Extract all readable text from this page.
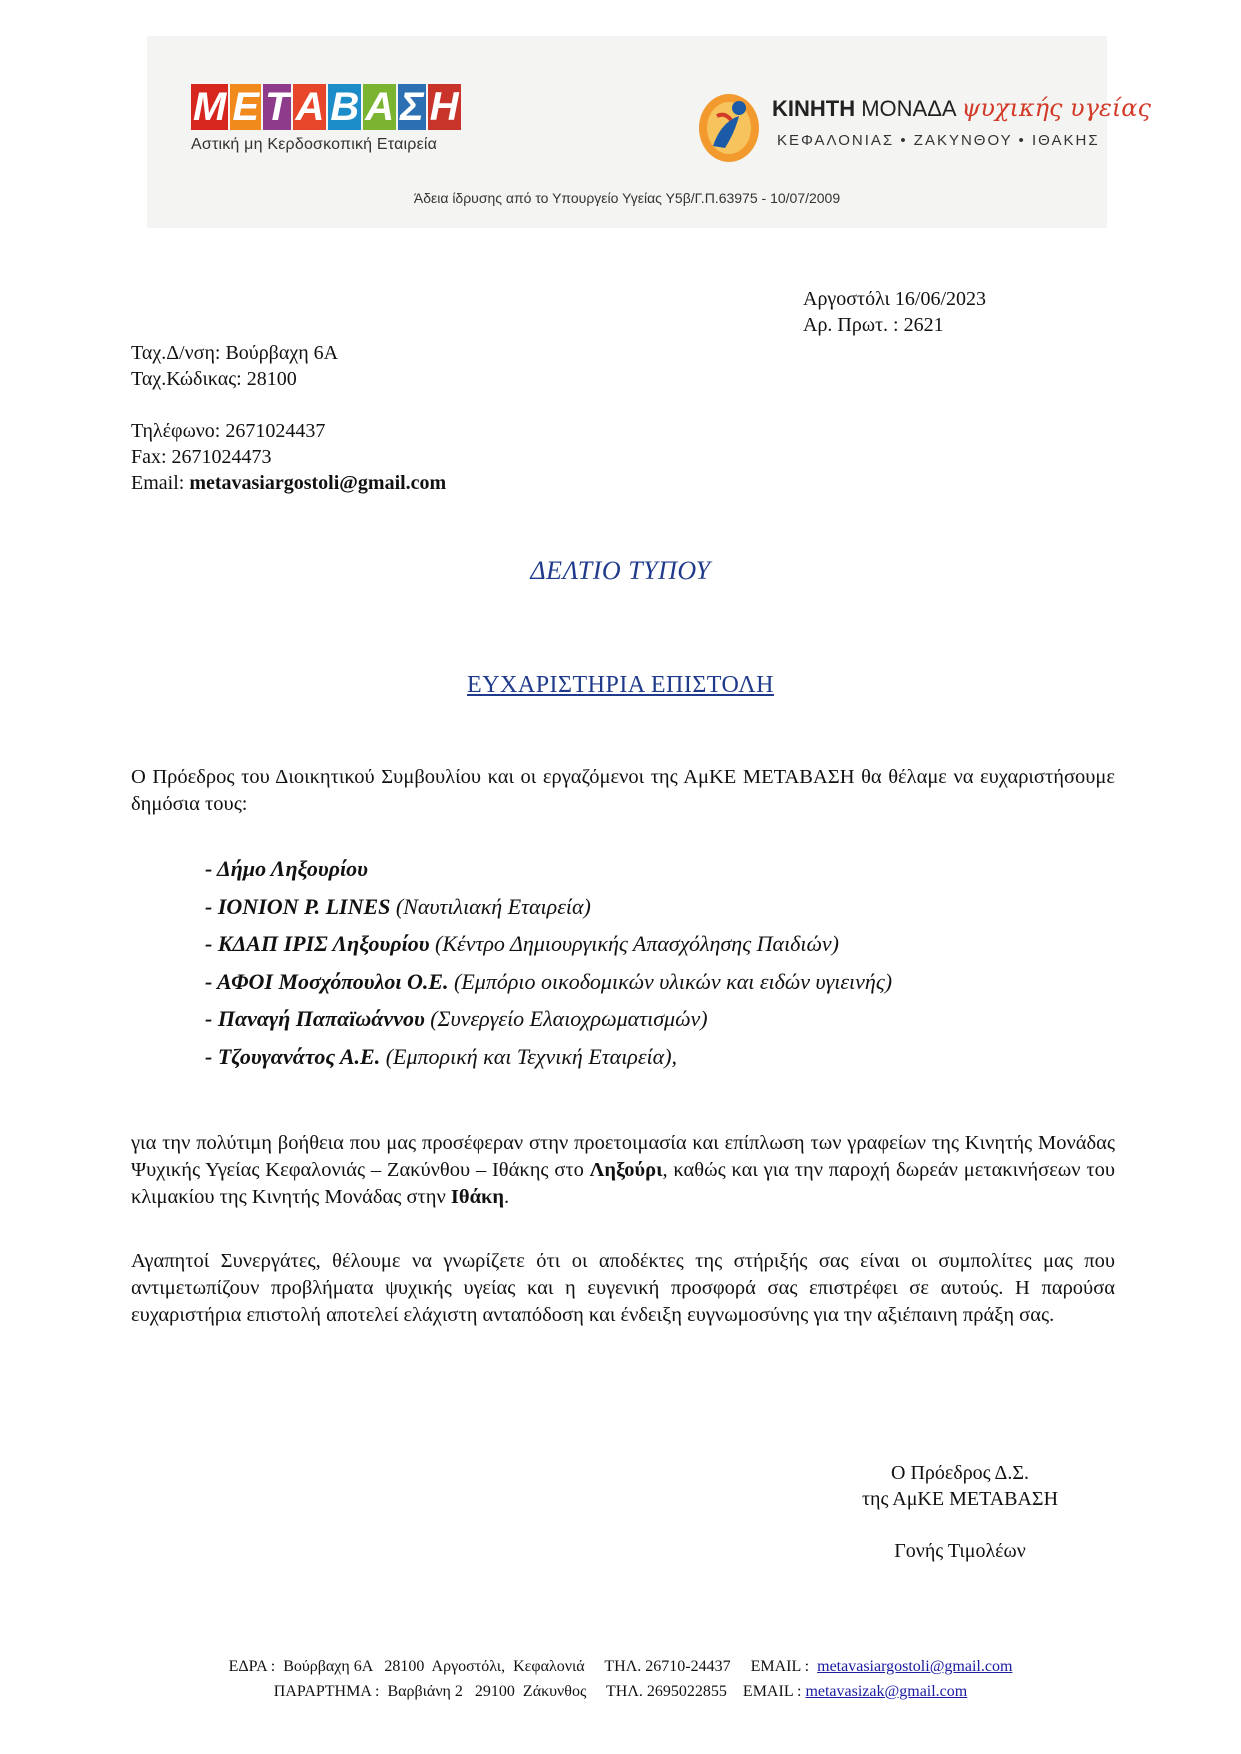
Μ Ε Τ Α Β Α Σ Η
Αστική μη Κερδοσκοπική Εταιρεία
ΚΙΝΗΤΗ ΜΟΝΑΔΑ ψυχικής υγείας
ΚΕΦΑΛΟΝΙΑΣ • ΖΑΚΥΝΘΟΥ • ΙΘΑΚΗΣ
Άδεια ίδρυσης από το Υπουργείο Υγείας Υ5β/Γ.Π.63975 - 10/07/2009
Αργοστόλι 16/06/2023
Αρ. Πρωτ. : 2621
Ταχ.Δ/νση: Βούρβαχη 6Α
Ταχ.Κώδικας: 28100
Τηλέφωνο: 2671024437
Fax: 2671024473
Email: metavasiargostoli@gmail.com
ΔΕΛΤΙΟ ΤΥΠΟΥ
ΕΥΧΑΡΙΣΤΗΡΙΑ ΕΠΙΣΤΟΛΗ
Ο Πρόεδρος του Διοικητικού Συμβουλίου και οι εργαζόμενοι της ΑμΚΕ ΜΕΤΑΒΑΣΗ θα θέλαμε να ευχαριστήσουμε δημόσια τους:
- Δήμο Ληξουρίου
- ΙΟΝΙΟΝ P. LINES (Ναυτιλιακή Εταιρεία)
- ΚΔΑΠ ΙΡΙΣ Ληξουρίου (Κέντρο Δημιουργικής Απασχόλησης Παιδιών)
- ΑΦΟΙ Μοσχόπουλοι Ο.Ε. (Εμπόριο οικοδομικών υλικών και ειδών υγιεινής)
- Παναγή Παπαϊωάννου (Συνεργείο Ελαιοχρωματισμών)
- Τζουγανάτος Α.Ε. (Εμπορική και Τεχνική Εταιρεία),
για την πολύτιμη βοήθεια που μας προσέφεραν στην προετοιμασία και επίπλωση των γραφείων της Κινητής Μονάδας Ψυχικής Υγείας Κεφαλονιάς – Ζακύνθου – Ιθάκης στο Ληξούρι, καθώς και για την παροχή δωρεάν μετακινήσεων του κλιμακίου της Κινητής Μονάδας στην Ιθάκη.
Αγαπητοί Συνεργάτες, θέλουμε να γνωρίζετε ότι οι αποδέκτες της στήριξής σας είναι οι συμπολίτες μας που αντιμετωπίζουν προβλήματα ψυχικής υγείας και η ευγενική προσφορά σας επιστρέφει σε αυτούς. Η παρούσα ευχαριστήρια επιστολή αποτελεί ελάχιστη ανταπόδοση και ένδειξη ευγνωμοσύνης για την αξιέπαινη πράξη σας.
Ο Πρόεδρος Δ.Σ.
της ΑμΚΕ ΜΕΤΑΒΑΣΗ
Γονής Τιμολέων
ΕΔΡΑ :  Βούρβαχη 6Α   28100  Αργοστόλι,  Κεφαλονιά     ΤΗΛ. 26710-24437     EMAIL :  metavasiargostoli@gmail.com
ΠΑΡΑΡΤΗΜΑ :  Βαρβιάνη 2   29100  Ζάκυνθος     ΤΗΛ. 2695022855    EMAIL : metavasizak@gmail.com
